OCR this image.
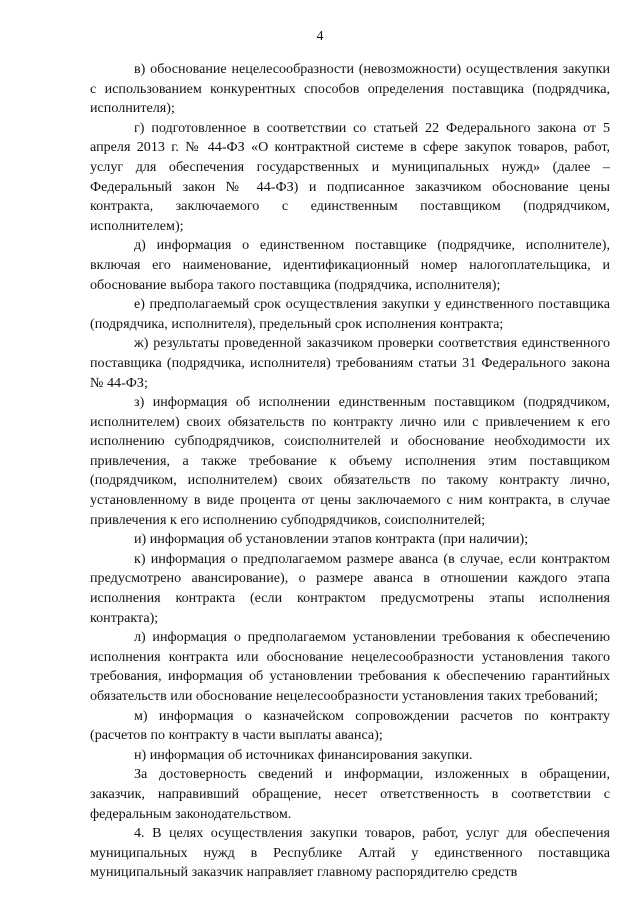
4

в) обоснование нецелесообразности (невозможности) осуществления закупки с использованием конкурентных способов определения поставщика (подрядчика, исполнителя);

г) подготовленное в соответствии со статьей 22 Федерального закона от 5 апреля 2013 г. № 44-ФЗ «О контрактной системе в сфере закупок товаров, работ, услуг для обеспечения государственных и муниципальных нужд» (далее – Федеральный закон № 44-ФЗ) и подписанное заказчиком обоснование цены контракта, заключаемого с единственным поставщиком (подрядчиком, исполнителем);

д) информация о единственном поставщике (подрядчике, исполнителе), включая его наименование, идентификационный номер налогоплательщика, и обоснование выбора такого поставщика (подрядчика, исполнителя);

е) предполагаемый срок осуществления закупки у единственного поставщика (подрядчика, исполнителя), предельный срок исполнения контракта;

ж) результаты проведенной заказчиком проверки соответствия единственного поставщика (подрядчика, исполнителя) требованиям статьи 31 Федерального закона № 44-ФЗ;

з) информация об исполнении единственным поставщиком (подрядчиком, исполнителем) своих обязательств по контракту лично или с привлечением к его исполнению субподрядчиков, соисполнителей и обоснование необходимости их привлечения, а также требование к объему исполнения этим поставщиком (подрядчиком, исполнителем) своих обязательств по такому контракту лично, установленному в виде процента от цены заключаемого с ним контракта, в случае привлечения к его исполнению субподрядчиков, соисполнителей;

и) информация об установлении этапов контракта (при наличии);

к) информация о предполагаемом размере аванса (в случае, если контрактом предусмотрено авансирование), о размере аванса в отношении каждого этапа исполнения контракта (если контрактом предусмотрены этапы исполнения контракта);

л) информация о предполагаемом установлении требования к обеспечению исполнения контракта или обоснование нецелесообразности установления такого требования, информация об установлении требования к обеспечению гарантийных обязательств или обоснование нецелесообразности установления таких требований;

м) информация о казначейском сопровождении расчетов по контракту (расчетов по контракту в части выплаты аванса);

н) информация об источниках финансирования закупки.

За достоверность сведений и информации, изложенных в обращении, заказчик, направивший обращение, несет ответственность в соответствии с федеральным законодательством.

4. В целях осуществления закупки товаров, работ, услуг для обеспечения муниципальных нужд в Республике Алтай у единственного поставщика муниципальный заказчик направляет главному распорядителю средств
